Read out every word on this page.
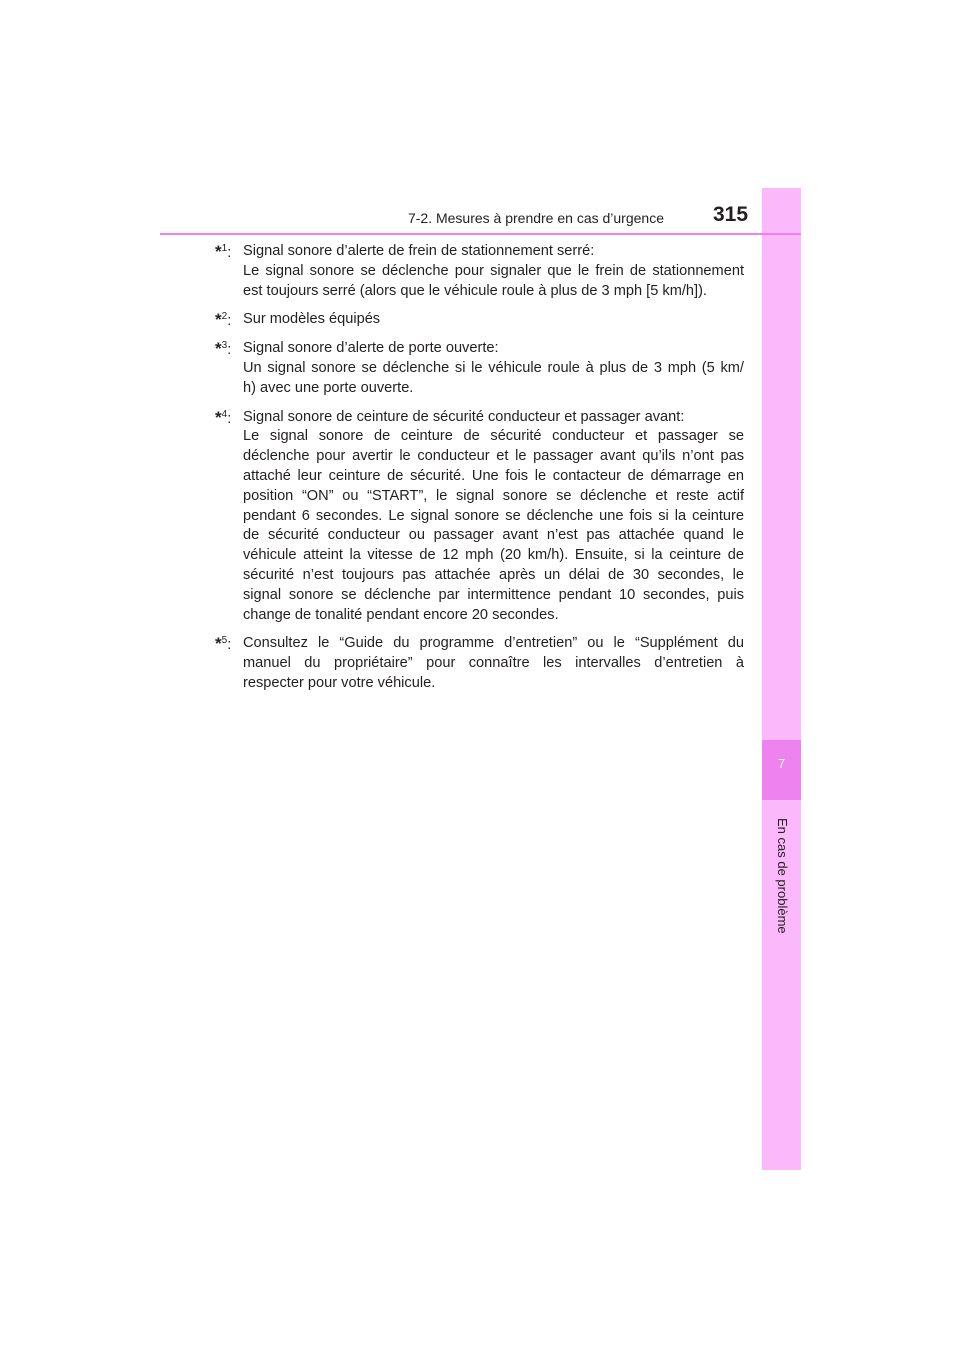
7
En cas de problème
7-2. Mesures à prendre en cas d’urgence 315
*$^1$: Signal sonore d’alerte de frein de stationnement serré:
Le signal sonore se déclenche pour signaler que le frein de stationnement
est toujours serré (alors que le véhicule roule à plus de 3 mph [5 km/h]).
*$^2$: Sur modèles équipés
*$^3$: Signal sonore d’alerte de porte ouverte:
Un signal sonore se déclenche si le véhicule roule à plus de 3 mph (5 km/
h) avec une porte ouverte.
*$^4$: Signal sonore de ceinture de sécurité conducteur et passager avant:
Le signal sonore de ceinture de sécurité conducteur et passager se
déclenche pour avertir le conducteur et le passager avant qu’ils n’ont pas
attaché leur ceinture de sécurité. Une fois le contacteur de démarrage en
position “ON” ou “START”, le signal sonore se déclenche et reste actif
pendant 6 secondes. Le signal sonore se déclenche une fois si la ceinture
de sécurité conducteur ou passager avant n’est pas attachée quand le
véhicule atteint la vitesse de 12 mph (20 km/h). Ensuite, si la ceinture de
sécurité n’est toujours pas attachée après un délai de 30 secondes, le
signal sonore se déclenche par intermittence pendant 10 secondes, puis
change de tonalité pendant encore 20 secondes.
*$^5$: Consultez le “Guide du programme d’entretien” ou le “Supplément du
manuel du propriétaire” pour connaître les intervalles d’entretien à
respecter pour votre véhicule.
